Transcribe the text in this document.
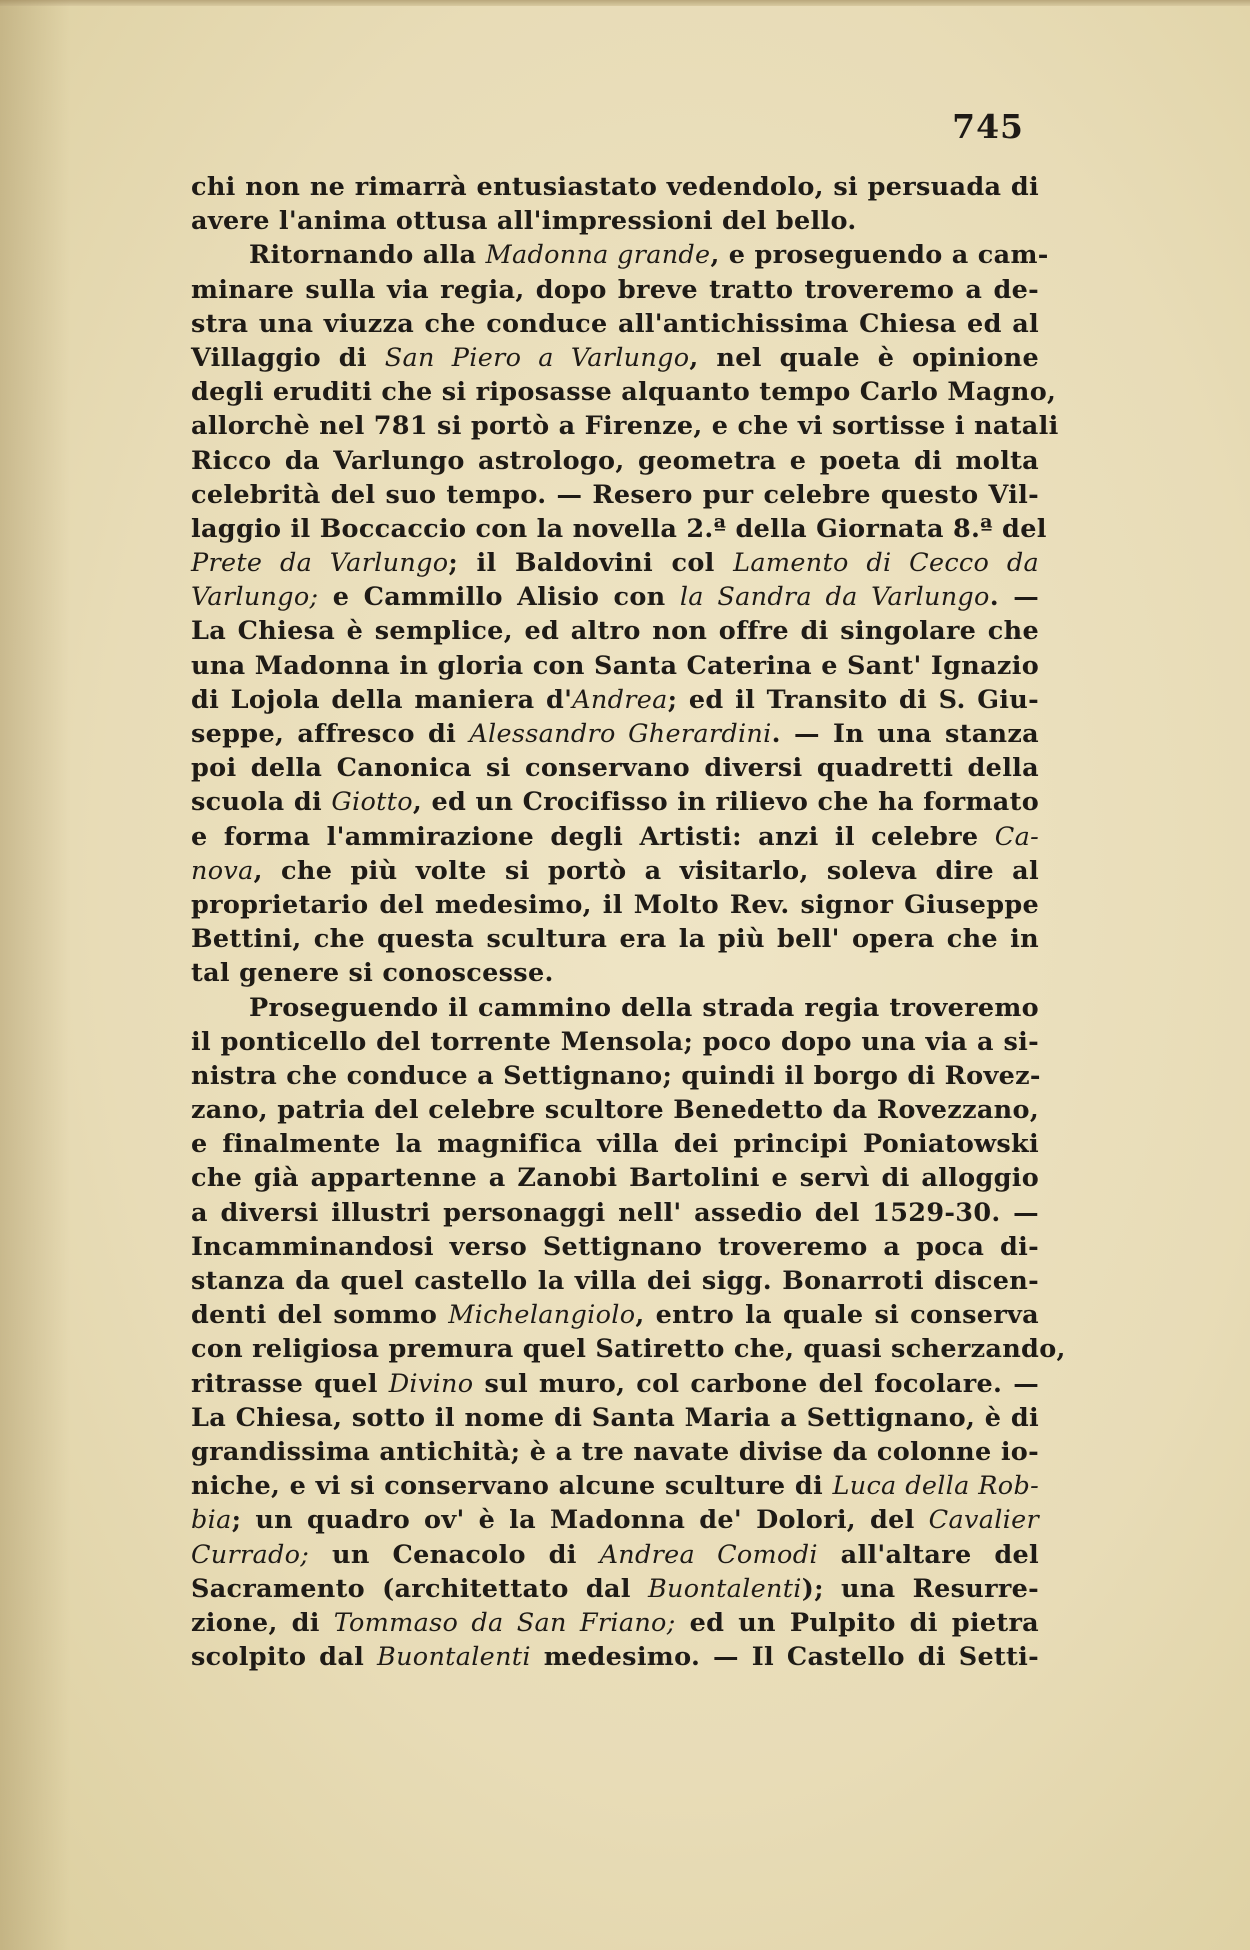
745
chi non ne rimarrà entusiastato vedendolo, si persuada di
avere l'anima ottusa all'impressioni del bello.
Ritornando alla Madonna grande, e proseguendo a cam-
minare sulla via regia, dopo breve tratto troveremo a de-
stra una viuzza che conduce all'antichissima Chiesa ed al
Villaggio di San Piero a Varlungo, nel quale è opinione
degli eruditi che si riposasse alquanto tempo Carlo Magno,
allorchè nel 781 si portò a Firenze, e che vi sortisse i natali
Ricco da Varlungo astrologo, geometra e poeta di molta
celebrità del suo tempo. — Resero pur celebre questo Vil-
laggio il Boccaccio con la novella 2.ª della Giornata 8.ª del
Prete da Varlungo; il Baldovini col Lamento di Cecco da
Varlungo; e Cammillo Alisio con la Sandra da Varlungo. —
La Chiesa è semplice, ed altro non offre di singolare che
una Madonna in gloria con Santa Caterina e Sant' Ignazio
di Lojola della maniera d'Andrea; ed il Transito di S. Giu-
seppe, affresco di Alessandro Gherardini. — In una stanza
poi della Canonica si conservano diversi quadretti della
scuola di Giotto, ed un Crocifisso in rilievo che ha formato
e forma l'ammirazione degli Artisti: anzi il celebre Ca-
nova, che più volte si portò a visitarlo, soleva dire al
proprietario del medesimo, il Molto Rev. signor Giuseppe
Bettini, che questa scultura era la più bell' opera che in
tal genere si conoscesse.
Proseguendo il cammino della strada regia troveremo
il ponticello del torrente Mensola; poco dopo una via a si-
nistra che conduce a Settignano; quindi il borgo di Rovez-
zano, patria del celebre scultore Benedetto da Rovezzano,
e finalmente la magnifica villa dei principi Poniatowski
che già appartenne a Zanobi Bartolini e servì di alloggio
a diversi illustri personaggi nell' assedio del 1529-30. —
Incamminandosi verso Settignano troveremo a poca di-
stanza da quel castello la villa dei sigg. Bonarroti discen-
denti del sommo Michelangiolo, entro la quale si conserva
con religiosa premura quel Satiretto che, quasi scherzando,
ritrasse quel Divino sul muro, col carbone del focolare. —
La Chiesa, sotto il nome di Santa Maria a Settignano, è di
grandissima antichità; è a tre navate divise da colonne io-
niche, e vi si conservano alcune sculture di Luca della Rob-
bia; un quadro ov' è la Madonna de' Dolori, del Cavalier
Currado; un Cenacolo di Andrea Comodi all'altare del
Sacramento (architettato dal Buontalenti); una Resurre-
zione, di Tommaso da San Friano; ed un Pulpito di pietra
scolpito dal Buontalenti medesimo. — Il Castello di Setti-
